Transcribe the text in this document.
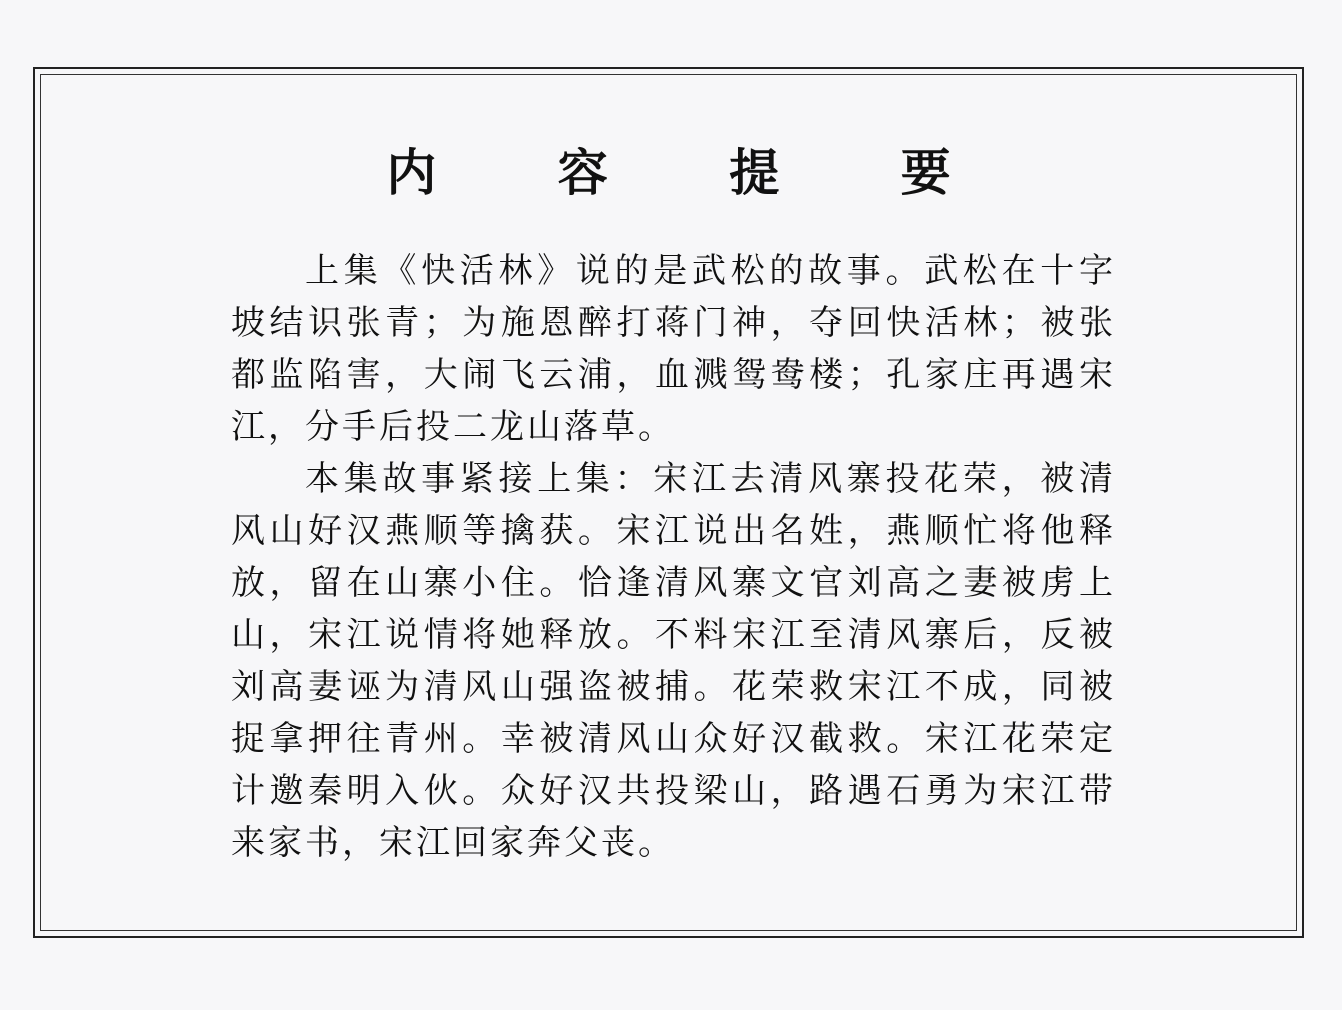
内 容 提 要

上集《快活林》说的是武松的故事。武松在十字坡结识张青；为施恩醉打蒋门神，夺回快活林；被张都监陷害，大闹飞云浦，血溅鸳鸯楼；孔家庄再遇宋江，分手后投二龙山落草。

本集故事紧接上集：宋江去清风寨投花荣，被清风山好汉燕顺等擒获。宋江说出名姓，燕顺忙将他释放，留在山寨小住。恰逢清风寨文官刘高之妻被虏上山，宋江说情将她释放。不料宋江至清风寨后，反被刘高妻诬为清风山强盗被捕。花荣救宋江不成，同被捉拿押往青州。幸被清风山众好汉截救。宋江花荣定计邀秦明入伙。众好汉共投梁山，路遇石勇为宋江带来家书，宋江回家奔父丧。
